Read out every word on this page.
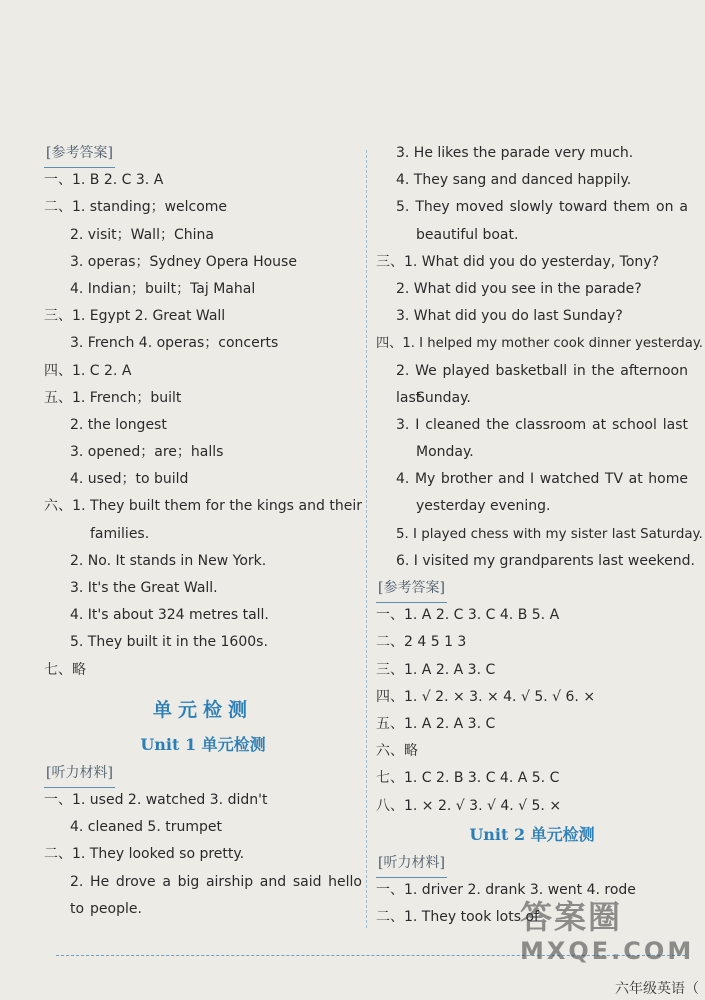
[参考答案]
一、1. B 2. C 3. A
二、1. standing；welcome
2. visit；Wall；China
3. operas；Sydney Opera House
4. Indian；built；Taj Mahal
三、1. Egypt 2. Great Wall
3. French 4. operas；concerts
四、1. C 2. A
五、1. French；built
2. the longest
3. opened；are；halls
4. used；to build
六、1. They built them for the kings and their
families.
2. No. It stands in New York.
3. It's the Great Wall.
4. It's about 324 metres tall.
5. They built it in the 1600s.
七、略
单元检测
Unit 1 单元检测
[听力材料]
一、1. used 2. watched 3. didn't
4. cleaned 5. trumpet
二、1. They looked so pretty.
2. He drove a big airship and said hello to people.
3. He likes the parade very much.
4. They sang and danced happily.
5. They moved slowly toward them on a
beautiful boat.
三、1. What did you do yesterday, Tony?
2. What did you see in the parade?
3. What did you do last Sunday?
四、1. I helped my mother cook dinner yesterday.
2. We played basketball in the afternoon last
Sunday.
3. I cleaned the classroom at school last
Monday.
4. My brother and I watched TV at home
yesterday evening.
5. I played chess with my sister last Saturday.
6. I visited my grandparents last weekend.
[参考答案]
一、1. A 2. C 3. C 4. B 5. A
二、2 4 5 1 3
三、1. A 2. A 3. C
四、1. √ 2. × 3. × 4. √ 5. √ 6. ×
五、1. A 2. A 3. C
六、略
七、1. C 2. B 3. C 4. A 5. C
八、1. × 2. √ 3. √ 4. √ 5. ×
Unit 2 单元检测
[听力材料]
一、1. driver 2. drank 3. went 4. rode
二、1. They took lots of
六年级英语（
答案圈
MXQE.COM
